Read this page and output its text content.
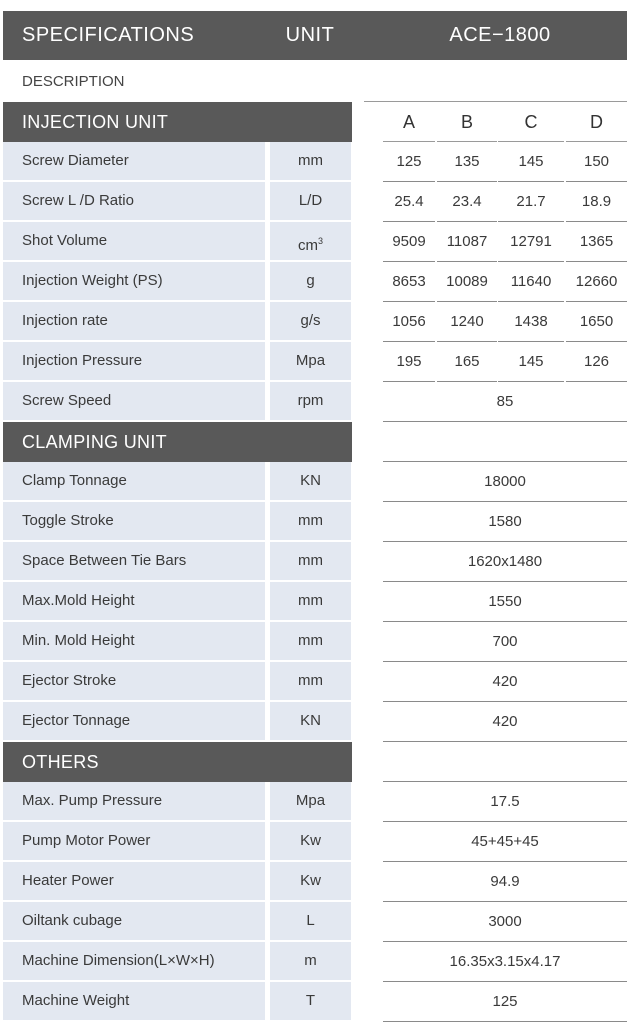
SPECIFICATIONS	UNIT	ACE−1800
DESCRIPTION
A	B	C	D
INJECTION UNIT
Screw Diameter	mm	125	135	145	150
Screw L /D Ratio	L/D	25.4	23.4	21.7	18.9
Shot Volume	$cm^3$	9509	11087	12791	1365
Injection Weight (PS)	g	8653	10089	11640	12660
Injection rate	g/s	1056	1240	1438	1650
Injection Pressure	Mpa	195	165	145	126
Screw Speed	rpm	85
CLAMPING UNIT
Clamp Tonnage	KN	18000
Toggle Stroke	mm	1580
Space Between Tie Bars	mm	1620x1480
Max.Mold Height	mm	1550
Min. Mold Height	mm	700
Ejector Stroke	mm	420
Ejector Tonnage	KN	420
OTHERS
Max. Pump Pressure	Mpa	17.5
Pump Motor Power	Kw	45+45+45
Heater Power	Kw	94.9
Oiltank cubage	L	3000
Machine Dimension(L×W×H)	m	16.35x3.15x4.17
Machine Weight	T	125
